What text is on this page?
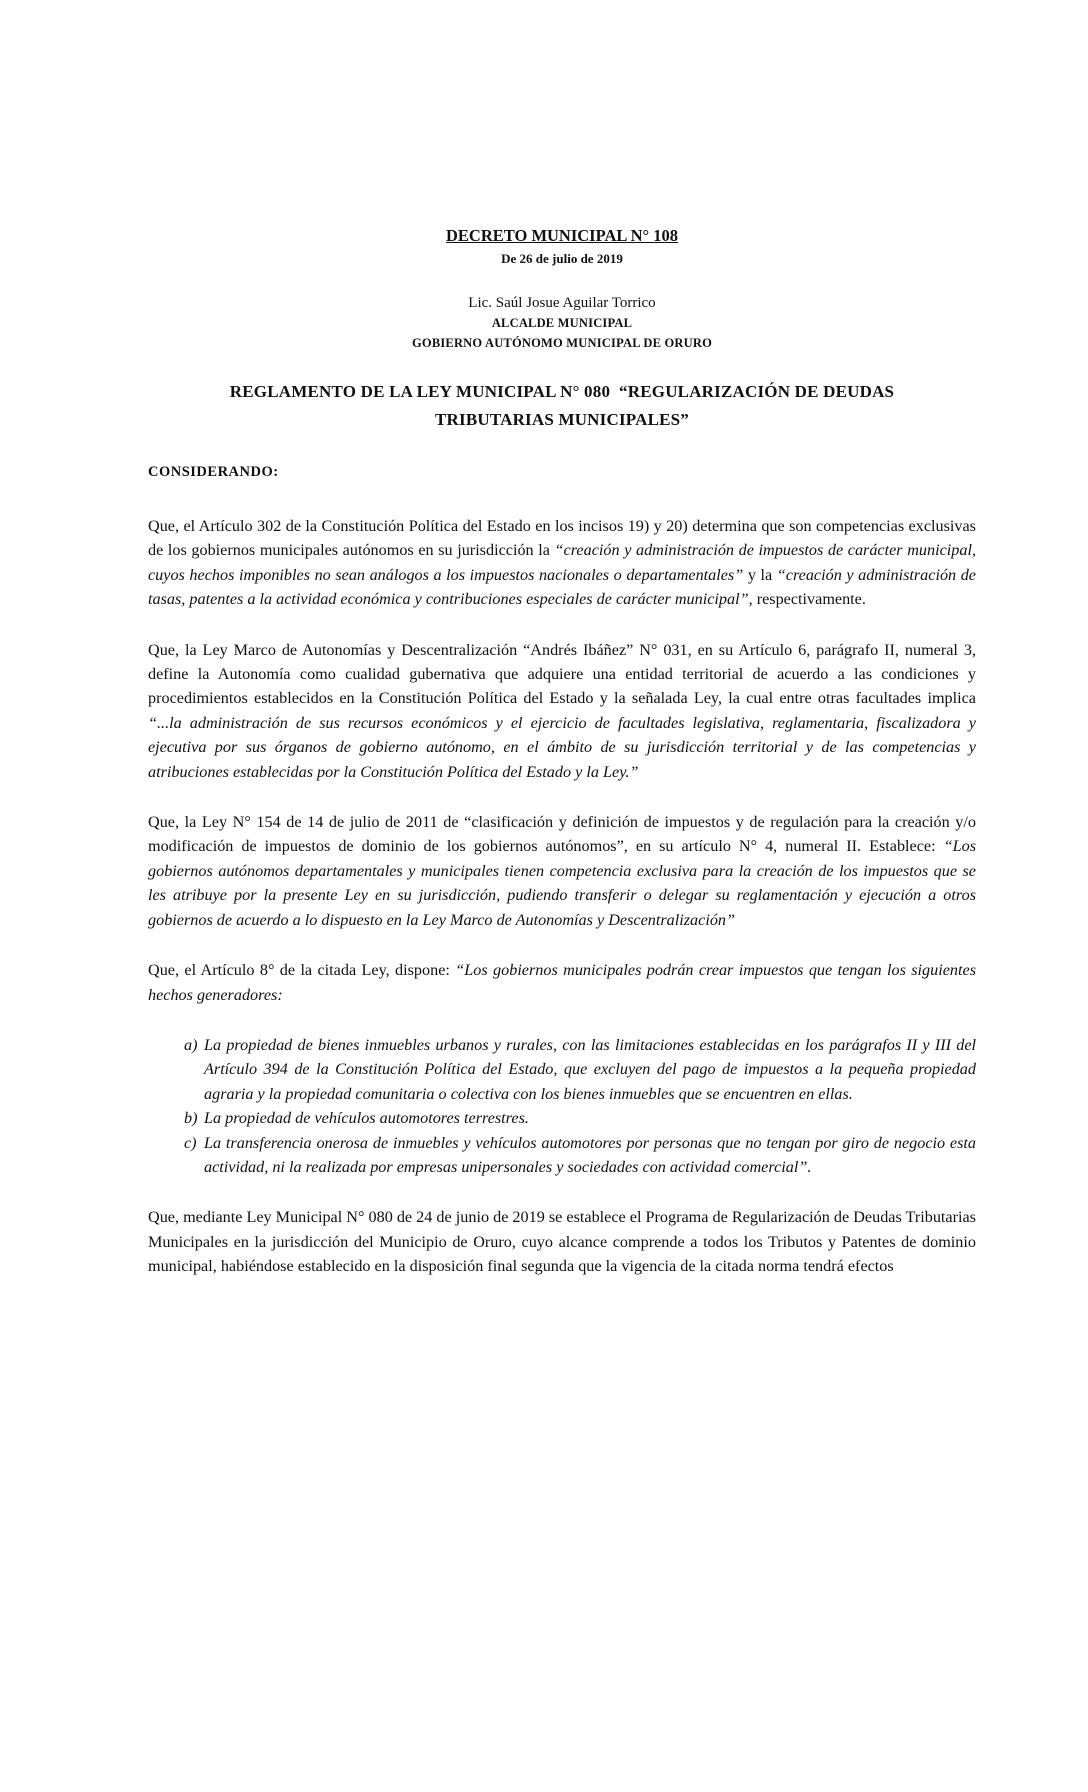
DECRETO MUNICIPAL N° 108
De 26 de julio de 2019
Lic. Saúl Josue Aguilar Torrico
ALCALDE MUNICIPAL
GOBIERNO AUTÓNOMO MUNICIPAL DE ORURO
REGLAMENTO DE LA LEY MUNICIPAL N° 080  “REGULARIZACIÓN DE DEUDAS
TRIBUTARIAS MUNICIPALES”
CONSIDERANDO:

Que, el Artículo 302 de la Constitución Política del Estado en los incisos 19) y 20) determina que son competencias exclusivas de los gobiernos municipales autónomos en su jurisdicción la “creación y administración de impuestos de carácter municipal, cuyos hechos imponibles no sean análogos a los impuestos nacionales o departamentales” y la “creación y administración de tasas, patentes a la actividad económica y contribuciones especiales de carácter municipal”, respectivamente.

Que, la Ley Marco de Autonomías y Descentralización “Andrés Ibáñez” N° 031, en su Artículo 6, parágrafo II, numeral 3, define la Autonomía como cualidad gubernativa que adquiere una entidad territorial de acuerdo a las condiciones y procedimientos establecidos en la Constitución Política del Estado y la señalada Ley, la cual entre otras facultades implica “...la administración de sus recursos económicos y el ejercicio de facultades legislativa, reglamentaria, fiscalizadora y ejecutiva por sus órganos de gobierno autónomo, en el ámbito de su jurisdicción territorial y de las competencias y atribuciones establecidas por la Constitución Política del Estado y la Ley.”

Que, la Ley N° 154 de 14 de julio de 2011 de “clasificación y definición de impuestos y de regulación para la creación y/o modificación de impuestos de dominio de los gobiernos autónomos”, en su artículo N° 4, numeral II. Establece: “Los gobiernos autónomos departamentales y municipales tienen competencia exclusiva para la creación de los impuestos que se les atribuye por la presente Ley en su jurisdicción, pudiendo transferir o delegar su reglamentación y ejecución a otros gobiernos de acuerdo a lo dispuesto en la Ley Marco de Autonomías y Descentralización”

Que, el Artículo 8° de la citada Ley, dispone: “Los gobiernos municipales podrán crear impuestos que tengan los siguientes hechos generadores:

a) La propiedad de bienes inmuebles urbanos y rurales, con las limitaciones establecidas en los parágrafos II y III del Artículo 394 de la Constitución Política del Estado, que excluyen del pago de impuestos a la pequeña propiedad agraria y la propiedad comunitaria o colectiva con los bienes inmuebles que se encuentren en ellas.
b) La propiedad de vehículos automotores terrestres.
c) La transferencia onerosa de inmuebles y vehículos automotores por personas que no tengan por giro de negocio esta actividad, ni la realizada por empresas unipersonales y sociedades con actividad comercial”.

Que, mediante Ley Municipal N° 080 de 24 de junio de 2019 se establece el Programa de Regularización de Deudas Tributarias Municipales en la jurisdicción del Municipio de Oruro, cuyo alcance comprende a todos los Tributos y Patentes de dominio municipal, habiéndose establecido en la disposición final segunda que la vigencia de la citada norma tendrá efectos
